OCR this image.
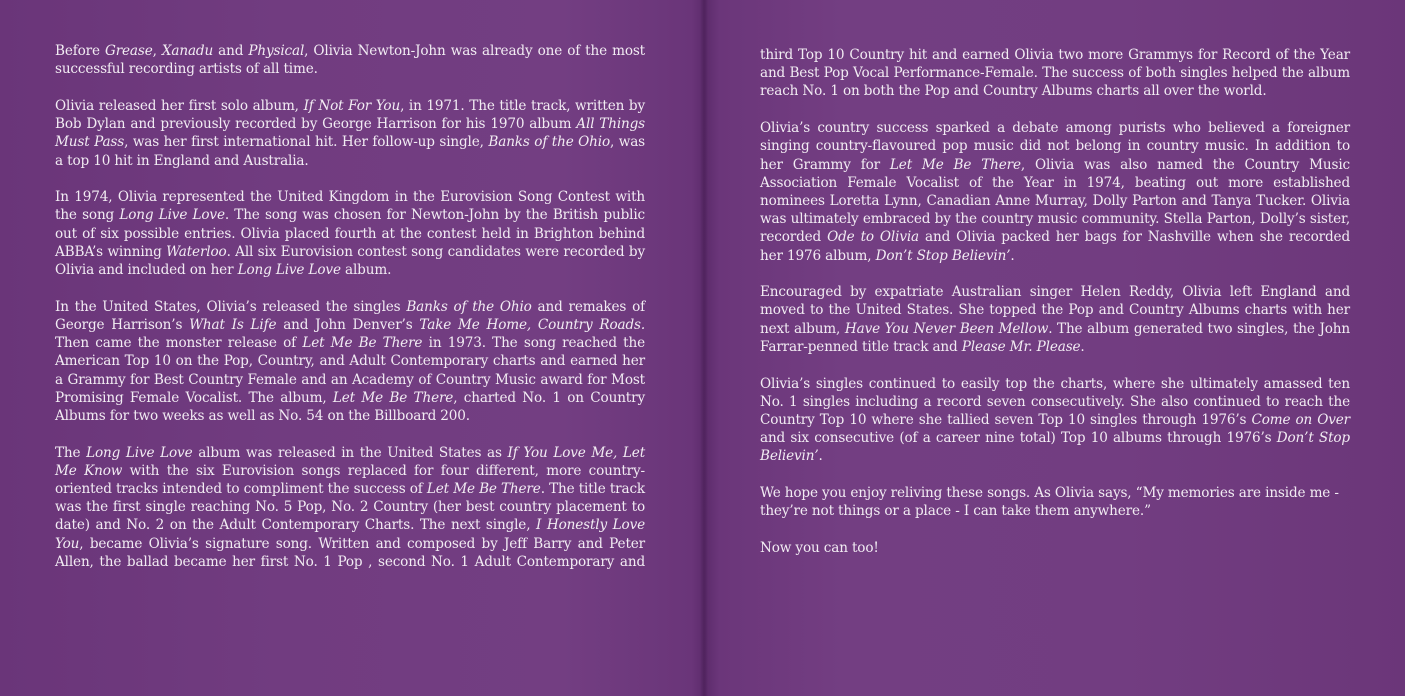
Before Grease, Xanadu and Physical, Olivia Newton-John was already one of the most successful recording artists of all time.

Olivia released her first solo album, If Not For You, in 1971. The title track, written by Bob Dylan and previously recorded by George Harrison for his 1970 album All Things Must Pass, was her first international hit. Her follow-up single, Banks of the Ohio, was a top 10 hit in England and Australia.

In 1974, Olivia represented the United Kingdom in the Eurovision Song Contest with the song Long Live Love. The song was chosen for Newton-John by the British public out of six possible entries. Olivia placed fourth at the contest held in Brighton behind ABBA’s winning Waterloo. All six Eurovision contest song candidates were recorded by Olivia and included on her Long Live Love album.

In the United States, Olivia’s released the singles Banks of the Ohio and remakes of George Harrison’s What Is Life and John Denver’s Take Me Home, Country Roads. Then came the monster release of Let Me Be There in 1973. The song reached the American Top 10 on the Pop, Country, and Adult Contemporary charts and earned her a Grammy for Best Country Female and an Academy of Country Music award for Most Promising Female Vocalist. The album, Let Me Be There, charted No. 1 on Country Albums for two weeks as well as No. 54 on the Billboard 200.

The Long Live Love album was released in the United States as If You Love Me, Let Me Know with the six Eurovision songs replaced for four different, more country-oriented tracks intended to compliment the success of Let Me Be There. The title track was the first single reaching No. 5 Pop, No. 2 Country (her best country placement to date) and No. 2 on the Adult Contemporary Charts. The next single, I Honestly Love You, became Olivia’s signature song. Written and composed by Jeff Barry and Peter Allen, the ballad became her first No. 1 Pop , second No. 1 Adult Contemporary and

third Top 10 Country hit and earned Olivia two more Grammys for Record of the Year and Best Pop Vocal Performance-Female. The success of both singles helped the album reach No. 1 on both the Pop and Country Albums charts all over the world.

Olivia’s country success sparked a debate among purists who believed a foreigner singing country-flavoured pop music did not belong in country music. In addition to her Grammy for Let Me Be There, Olivia was also named the Country Music Association Female Vocalist of the Year in 1974, beating out more established nominees Loretta Lynn, Canadian Anne Murray, Dolly Parton and Tanya Tucker. Olivia was ultimately embraced by the country music community. Stella Parton, Dolly’s sister, recorded Ode to Olivia and Olivia packed her bags for Nashville when she recorded her 1976 album, Don’t Stop Believin’.

Encouraged by expatriate Australian singer Helen Reddy, Olivia left England and moved to the United States. She topped the Pop and Country Albums charts with her next album, Have You Never Been Mellow. The album generated two singles, the John Farrar-penned title track and Please Mr. Please.

Olivia’s singles continued to easily top the charts, where she ultimately amassed ten No. 1 singles including a record seven consecutively. She also continued to reach the Country Top 10 where she tallied seven Top 10 singles through 1976’s Come on Over and six consecutive (of a career nine total) Top 10 albums through 1976’s Don’t Stop Believin’.

We hope you enjoy reliving these songs. As Olivia says, “My memories are inside me - they’re not things or a place - I can take them anywhere.”

Now you can too!
